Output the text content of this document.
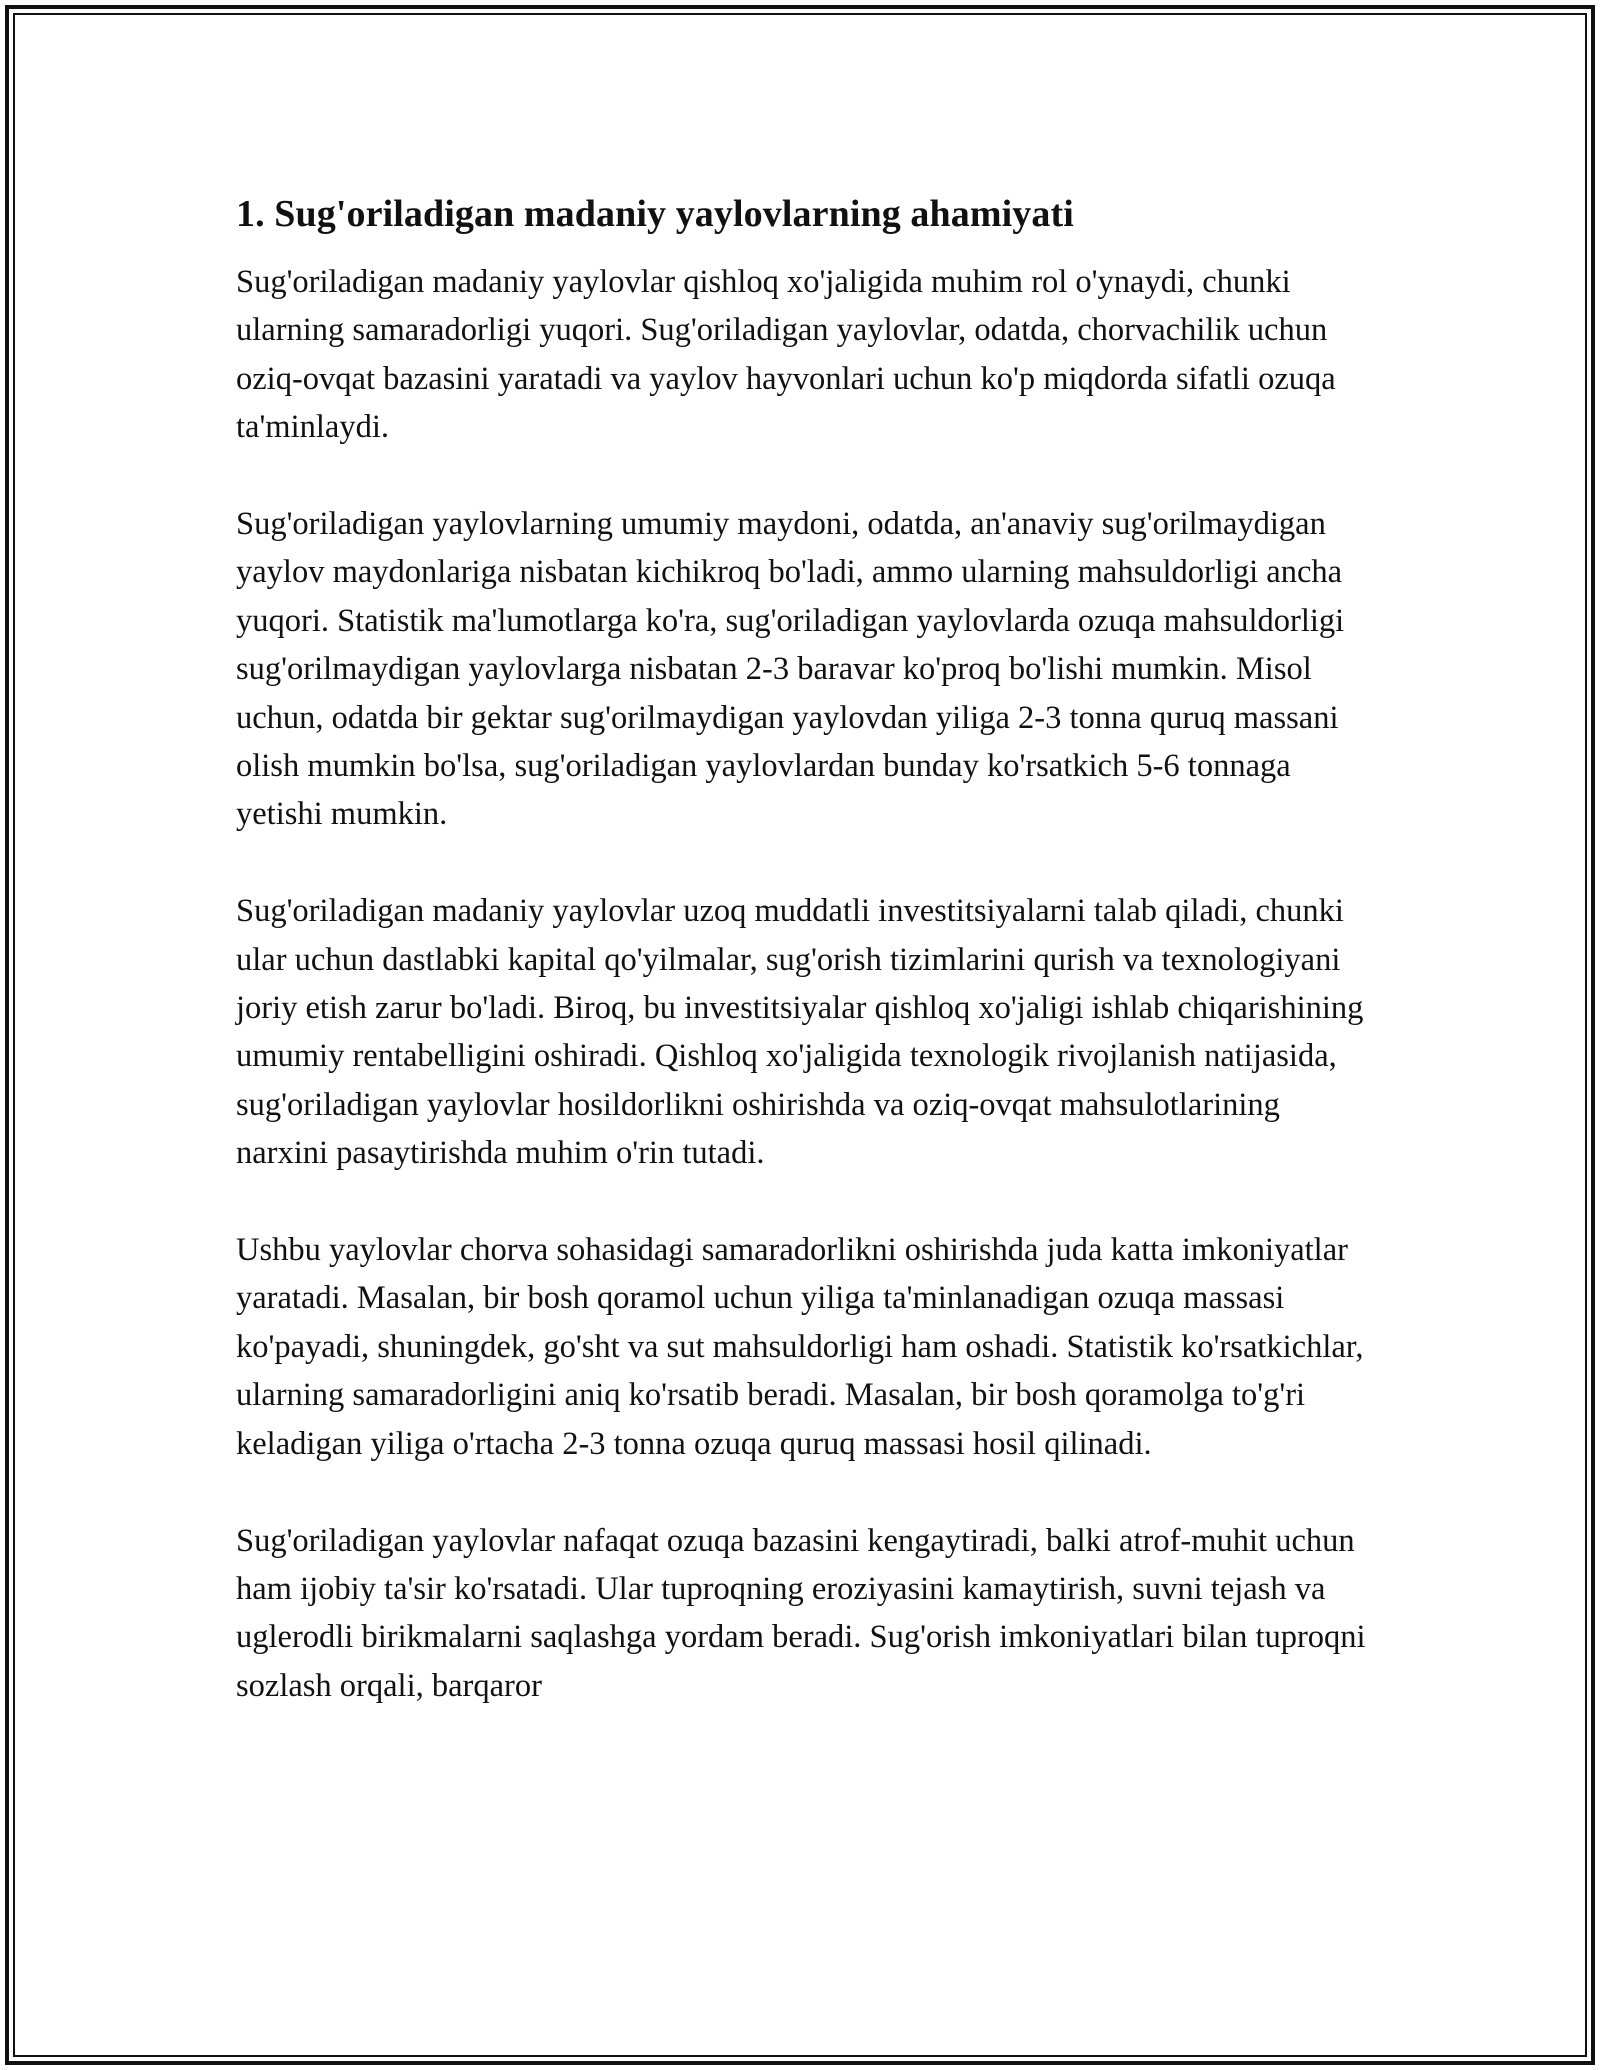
1. Sug'oriladigan madaniy yaylovlarning ahamiyati

Sug'oriladigan madaniy yaylovlar qishloq xo'jaligida muhim rol o'ynaydi, chunki ularning samaradorligi yuqori. Sug'oriladigan yaylovlar, odatda, chorvachilik uchun oziq-ovqat bazasini yaratadi va yaylov hayvonlari uchun ko'p miqdorda sifatli ozuqa ta'minlaydi.

Sug'oriladigan yaylovlarning umumiy maydoni, odatda, an'anaviy sug'orilmaydigan yaylov maydonlariga nisbatan kichikroq bo'ladi, ammo ularning mahsuldorligi ancha yuqori. Statistik ma'lumotlarga ko'ra, sug'oriladigan yaylovlarda ozuqa mahsuldorligi sug'orilmaydigan yaylovlarga nisbatan 2-3 baravar ko'proq bo'lishi mumkin. Misol uchun, odatda bir gektar sug'orilmaydigan yaylovdan yiliga 2-3 tonna quruq massani olish mumkin bo'lsa, sug'oriladigan yaylovlardan bunday ko'rsatkich 5-6 tonnaga yetishi mumkin.

Sug'oriladigan madaniy yaylovlar uzoq muddatli investitsiyalarni talab qiladi, chunki ular uchun dastlabki kapital qo'yilmalar, sug'orish tizimlarini qurish va texnologiyani joriy etish zarur bo'ladi. Biroq, bu investitsiyalar qishloq xo'jaligi ishlab chiqarishining umumiy rentabelligini oshiradi. Qishloq xo'jaligida texnologik rivojlanish natijasida, sug'oriladigan yaylovlar hosildorlikni oshirishda va oziq-ovqat mahsulotlarining narxini pasaytirishda muhim o'rin tutadi.

Ushbu yaylovlar chorva sohasidagi samaradorlikni oshirishda juda katta imkoniyatlar yaratadi. Masalan, bir bosh qoramol uchun yiliga ta'minlanadigan ozuqa massasi ko'payadi, shuningdek, go'sht va sut mahsuldorligi ham oshadi. Statistik ko'rsatkichlar, ularning samaradorligini aniq ko'rsatib beradi. Masalan, bir bosh qoramolga to'g'ri keladigan yiliga o'rtacha 2-3 tonna ozuqa quruq massasi hosil qilinadi.

Sug'oriladigan yaylovlar nafaqat ozuqa bazasini kengaytiradi, balki atrof-muhit uchun ham ijobiy ta'sir ko'rsatadi. Ular tuproqning eroziyasini kamaytirish, suvni tejash va uglerodli birikmalarni saqlashga yordam beradi. Sug'orish imkoniyatlari bilan tuproqni sozlash orqali, barqaror
